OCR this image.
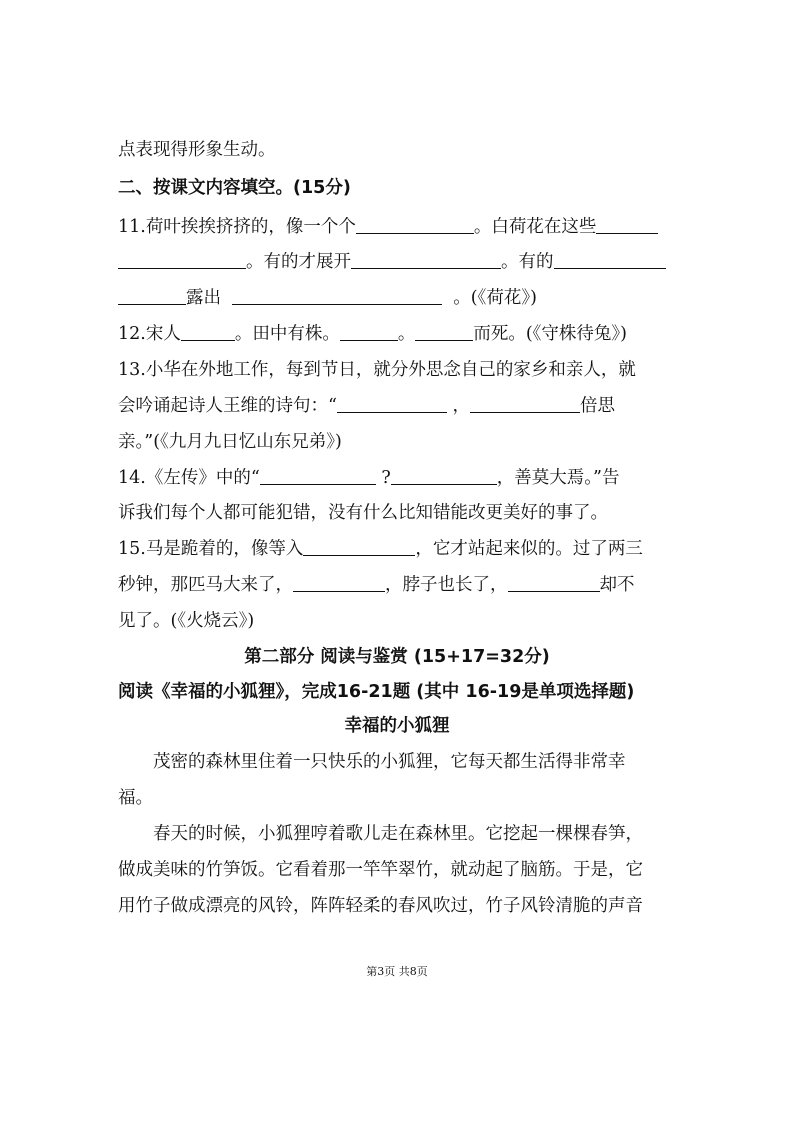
点表现得形象生动。
二、按课文内容填空。(15分)
11.荷叶挨挨挤挤的，像一个个	。白荷花在这些
。有的才展开	。有的
露出	。(《荷花》)
12.宋人	。田中有株。	。	而死。(《守株待兔》)
13.小华在外地工作，每到节日，就分外思念自己的家乡和亲人，就
会吟诵起诗人王维的诗句：“	，	倍思
亲。”(《九月九日忆山东兄弟》)
14.《左传》中的“	?	，善莫大焉。”告
诉我们每个人都可能犯错，没有什么比知错能改更美好的事了。
15.马是跪着的，像等入	，它才站起来似的。过了两三
秒钟，那匹马大来了，	，脖子也长了，	却不
见了。(《火烧云》)
第二部分 阅读与鉴赏 (15+17=32分)
阅读《幸福的小狐狸》，完成16-21题 (其中 16-19是单项选择题)
幸福的小狐狸
茂密的森林里住着一只快乐的小狐狸，它每天都生活得非常幸
福。
春天的时候，小狐狸哼着歌儿走在森林里。它挖起一棵棵春笋，
做成美味的竹笋饭。它看着那一竿竿翠竹，就动起了脑筋。于是，它
用竹子做成漂亮的风铃，阵阵轻柔的春风吹过，竹子风铃清脆的声音
第3页 共8页
